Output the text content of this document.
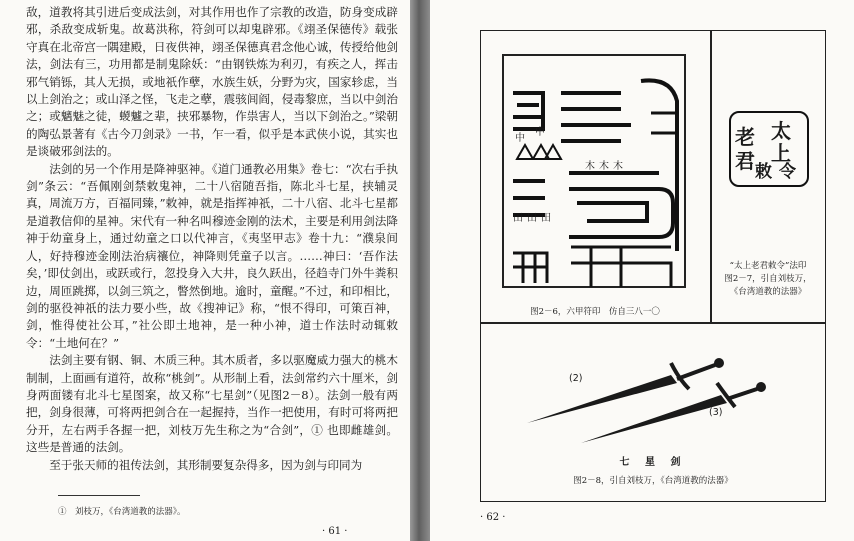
敌，道教将其引进后变成法剑，对其作用也作了宗教的改造，防身变成辟邪，杀敌变成斩鬼。故葛洪称，符剑可以却鬼辟邪。《翊圣保德传》载张守真在北帝宫一隅建殿，日夜供神，翊圣保德真君念他心诚，传授给他剑法，剑法有三，功用都是制鬼除妖：“由钢铁炼为利刃，有疾之人，挥击邪气销铄，其人无损，或地祇作孽，水族生妖，分野为灾，国家轸虑，当以上剑治之；或山泽之怪，飞走之孽，震骇闾阎，侵毒黎庶，当以中剑治之；或魑魅之徒，蝬魖之辈，挟邪暴物，作祟害人，当以下剑治之。”梁朝的陶弘景著有《古今刀剑录》一书，乍一看，似乎是本武侠小说，其实也是谈破邪剑法的。

法剑的另一个作用是降神驱神。《道门通教必用集》卷七：“次右手执剑”条云：“吾佩刚剑禁敕鬼神，二十八宿随吾指，陈北斗七星，挟辅灵真，周流万方，百福同臻，”敕神，就是指挥神祇，二十八宿、北斗七星都是道教信仰的星神。宋代有一种名叫穆迹金刚的法术，主要是利用剑法降神于幼童身上，通过幼童之口以代神言，《夷坚甲志》卷十九：“濮泉间人，好持穆迹金刚法治病禳位，神降则凭童子以言。……神曰：‘吾作法矣，’即仗剑出，或跃或行，忽投身入大井，良久跃出，径趋寺门外牛粪积边，周匝跳掷，以剑三筑之，瞥然倒地。逾时，童醒。”不过，和印相比，剑的驱役神祇的法力要小些，故《搜神记》称，“恨不得印，可策百神，剑，惟得使社公耳，”社公即土地神，是一种小神，道士作法时动辄敕令：“土地何在？”

法剑主要有钢、铜、木质三种。其木质者，多以驱魔威力强大的桃木制制，上面画有道符，故称“桃剑”。从形制上看，法剑常约六十厘米，剑身两面镂有北斗七星图案，故又称“七星剑”（见图2－8）。法剑一般有两把，剑身很薄，可将两把剑合在一起握持，当作一把使用，有时可将两把分开，左右两手各握一把，刘枝万先生称之为“合剑”，① 也即雌雄剑。这些是普通的法剑。

至于张天师的祖传法剑，其形制要复杂得多，因为剑与印同为

①　刘枝万，《台湾道教的法器》。
· 61 ·
中
中
木 木 木
田 田 田
图2－6，六甲符印　仿自三八一〇
太
上
老
君 敕 令
“太上老君敕令”法印
图2－7，引自刘枝万，
《台湾道教的法器》
(2)
(3)
七 星 剑
图2－8，引自刘枝万，《台湾道教的法器》
· 62 ·
